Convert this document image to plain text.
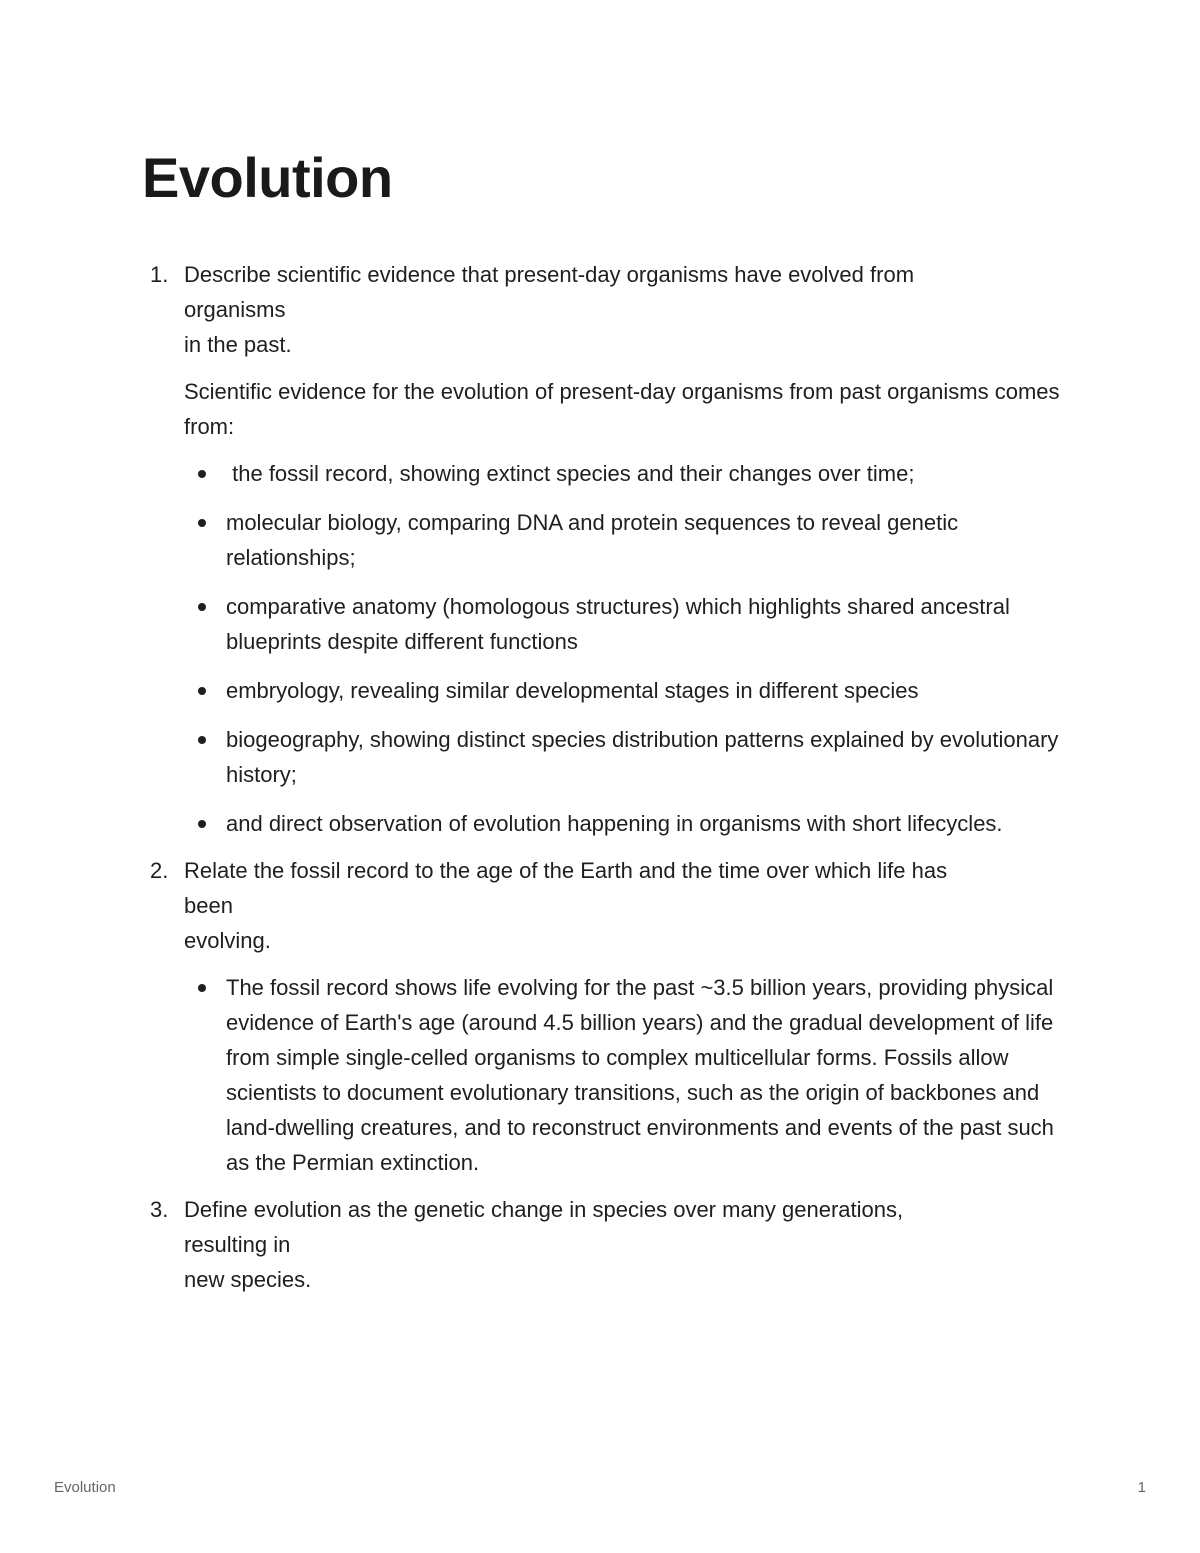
Evolution
1. Describe scientific evidence that present-day organisms have evolved from

organisms

in the past.

Scientific evidence for the evolution of present-day organisms from past organisms comes from:

the fossil record, showing extinct species and their changes over time;
molecular biology, comparing DNA and protein sequences to reveal genetic relationships;
comparative anatomy (homologous structures) which highlights shared ancestral blueprints despite different functions
embryology, revealing similar developmental stages in different species
biogeography, showing distinct species distribution patterns explained by evolutionary history;
and direct observation of evolution happening in organisms with short lifecycles.
2. Relate the fossil record to the age of the Earth and the time over which life has

been

evolving.

The fossil record shows life evolving for the past ~3.5 billion years, providing physical evidence of Earth's age (around 4.5 billion years) and the gradual development of life from simple single-celled organisms to complex multicellular forms. Fossils allow scientists to document evolutionary transitions, such as the origin of backbones and land-dwelling creatures, and to reconstruct environments and events of the past such as the Permian extinction.
3. Define evolution as the genetic change in species over many generations,

resulting in

new species.

Evolution	1
